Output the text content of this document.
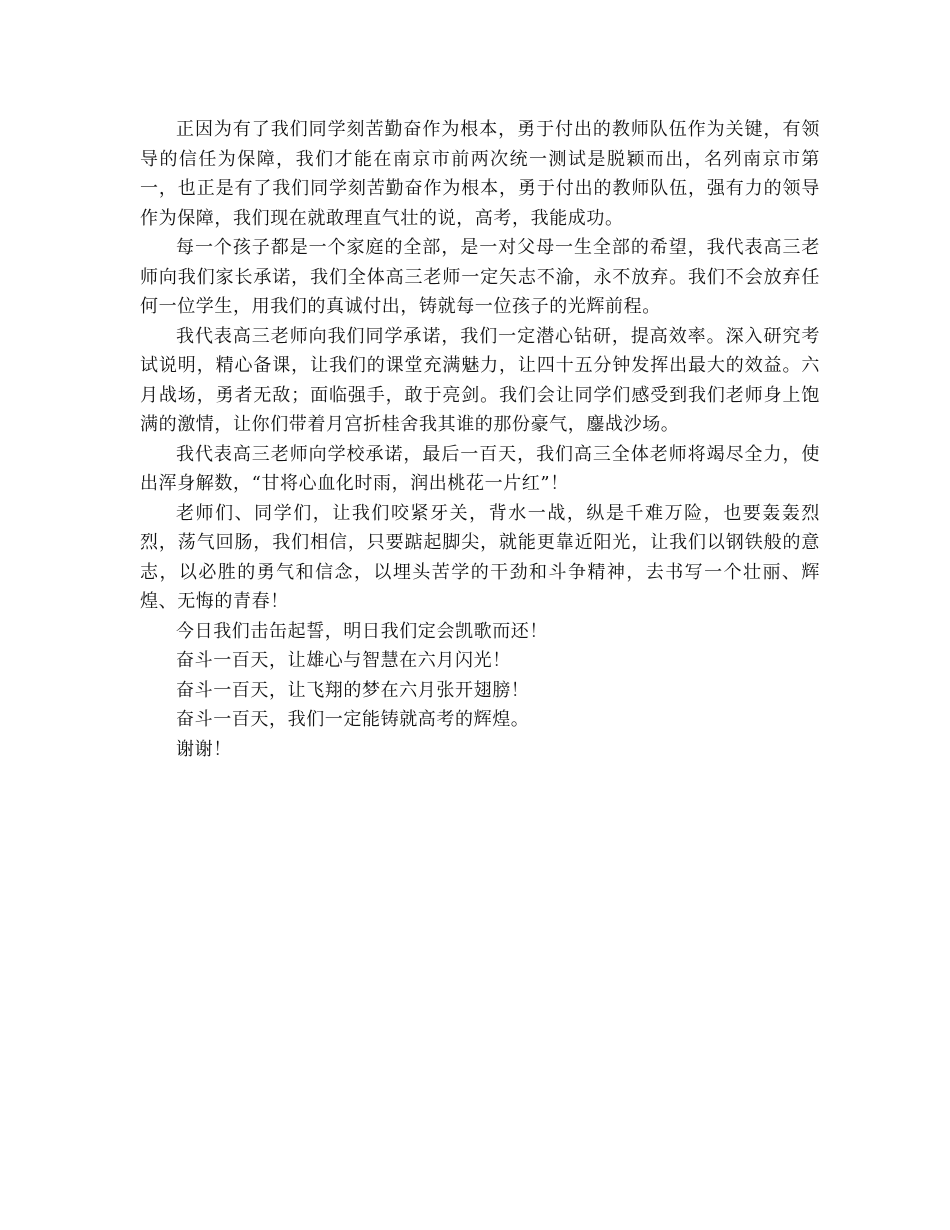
正因为有了我们同学刻苦勤奋作为根本，勇于付出的教师队伍作为关键，有领导的信任为保障，我们才能在南京市前两次统一测试是脱颖而出，名列南京市第一，也正是有了我们同学刻苦勤奋作为根本，勇于付出的教师队伍，强有力的领导作为保障，我们现在就敢理直气壮的说，高考，我能成功。

每一个孩子都是一个家庭的全部，是一对父母一生全部的希望，我代表高三老师向我们家长承诺，我们全体高三老师一定矢志不渝，永不放弃。我们不会放弃任何一位学生，用我们的真诚付出，铸就每一位孩子的光辉前程。

我代表高三老师向我们同学承诺，我们一定潜心钻研，提高效率。深入研究考试说明，精心备课，让我们的课堂充满魅力，让四十五分钟发挥出最大的效益。六月战场，勇者无敌；面临强手，敢于亮剑。我们会让同学们感受到我们老师身上饱满的激情，让你们带着月宫折桂舍我其谁的那份豪气，鏖战沙场。

我代表高三老师向学校承诺，最后一百天，我们高三全体老师将竭尽全力，使出浑身解数，“甘将心血化时雨，润出桃花一片红”！

老师们、同学们，让我们咬紧牙关，背水一战，纵是千难万险，也要轰轰烈烈，荡气回肠，我们相信，只要踮起脚尖，就能更靠近阳光，让我们以钢铁般的意志，以必胜的勇气和信念，以埋头苦学的干劲和斗争精神，去书写一个壮丽、辉煌、无悔的青春！

今日我们击缶起誓，明日我们定会凯歌而还！

奋斗一百天，让雄心与智慧在六月闪光！

奋斗一百天，让飞翔的梦在六月张开翅膀！

奋斗一百天，我们一定能铸就高考的辉煌。

谢谢！
